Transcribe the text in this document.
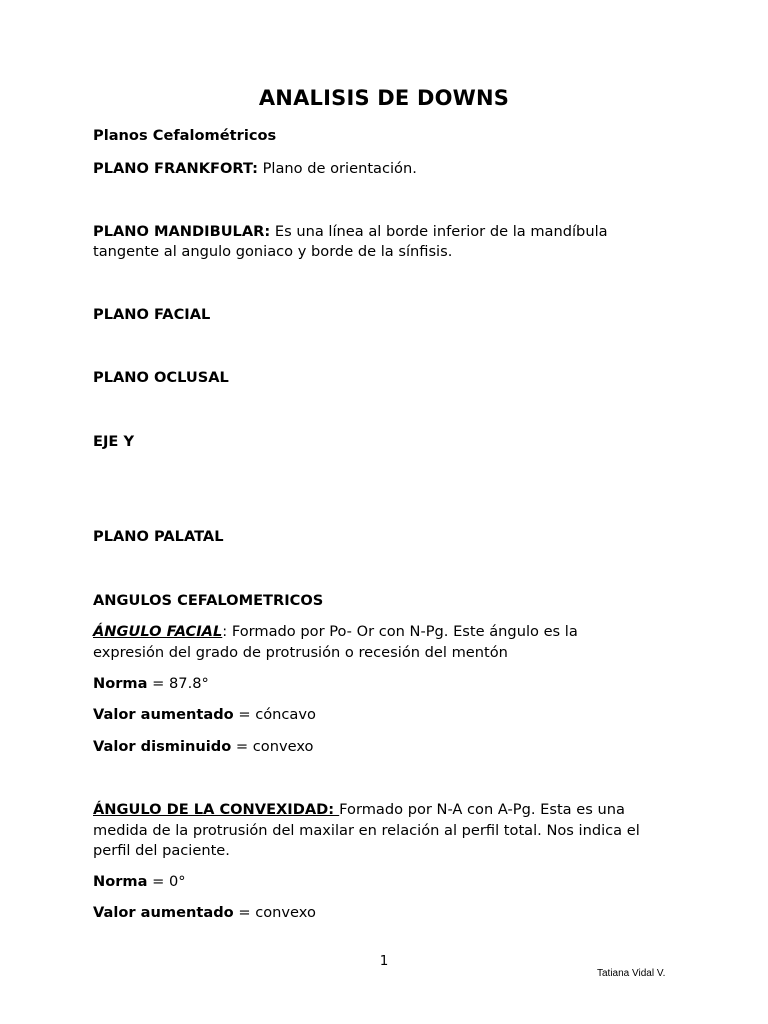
ANALISIS DE DOWNS
Planos Cefalométricos
PLANO FRANKFORT: Plano de orientación.
PLANO MANDIBULAR: Es una línea al borde inferior de la mandíbula
tangente al angulo goniaco y borde de la sínfisis.
PLANO FACIAL
PLANO OCLUSAL
EJE Y
PLANO PALATAL
ANGULOS CEFALOMETRICOS
ÁNGULO FACIAL: Formado por Po- Or con N-Pg. Este ángulo es la
expresión del grado de protrusión o recesión del mentón
Norma = 87.8°
Valor aumentado = cóncavo
Valor disminuido = convexo
ÁNGULO DE LA CONVEXIDAD: Formado por N-A con A-Pg. Esta es una
medida de la protrusión del maxilar en relación al perfil total. Nos indica el
perfil del paciente.
Norma = 0°
Valor aumentado = convexo
1
Tatiana Vidal V.
